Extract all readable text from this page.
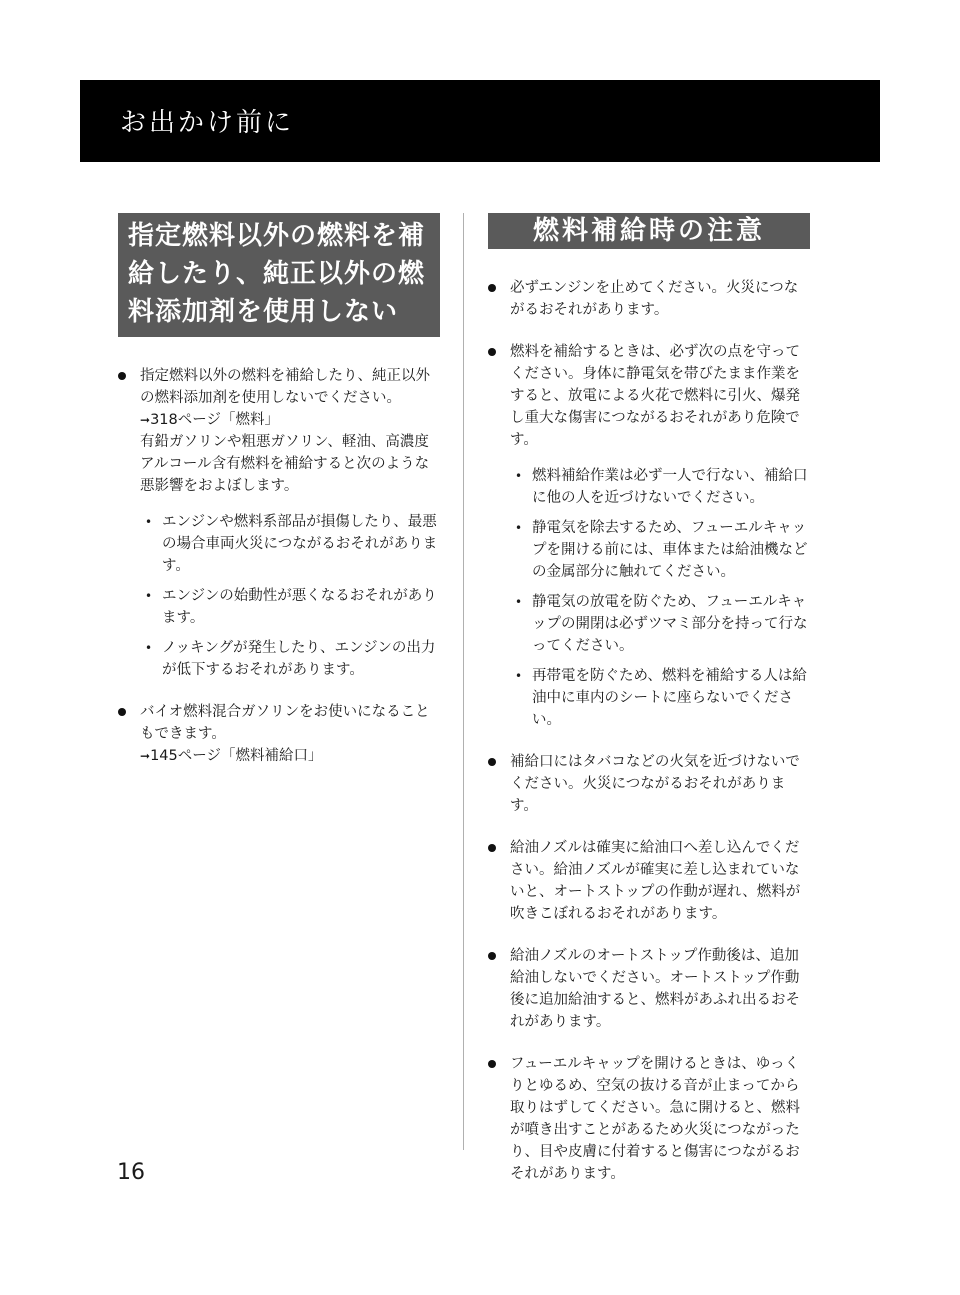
お出かけ前に
指定燃料以外の燃料を補
給したり、純正以外の燃
料添加剤を使用しない

指定燃料以外の燃料を補給したり、純正以外の燃料添加剤を使用しないでください。

➞318ページ「燃料」

有鉛ガソリンや粗悪ガソリン、軽油、高濃度アルコール含有燃料を補給すると次のような悪影響をおよぼします。

• エンジンや燃料系部品が損傷したり、最悪の場合車両火災につながるおそれがあります。
• エンジンの始動性が悪くなるおそれがあります。
• ノッキングが発生したり、エンジンの出力が低下するおそれがあります。

バイオ燃料混合ガソリンをお使いになることもできます。

➞145ページ「燃料補給口」

燃料補給時の注意

必ずエンジンを止めてください。火災につながるおそれがあります。

燃料を補給するときは、必ず次の点を守ってください。身体に静電気を帯びたまま作業をすると、放電による火花で燃料に引火、爆発し重大な傷害につながるおそれがあり危険です。

• 燃料補給作業は必ず一人で行ない、補給口に他の人を近づけないでください。
• 静電気を除去するため、フューエルキャップを開ける前には、車体または給油機などの金属部分に触れてください。
• 静電気の放電を防ぐため、フューエルキャップの開閉は必ずツマミ部分を持って行なってください。
• 再帯電を防ぐため、燃料を補給する人は給油中に車内のシートに座らないでください。

補給口にはタバコなどの火気を近づけないでください。火災につながるおそれがあります。

給油ノズルは確実に給油口へ差し込んでください。給油ノズルが確実に差し込まれていないと、オートストップの作動が遅れ、燃料が吹きこぼれるおそれがあります。

給油ノズルのオートストップ作動後は、追加給油しないでください。オートストップ作動後に追加給油すると、燃料があふれ出るおそれがあります。

フューエルキャップを開けるときは、ゆっくりとゆるめ、空気の抜ける音が止まってから取りはずしてください。急に開けると、燃料が噴き出すことがあるため火災につながったり、目や皮膚に付着すると傷害につながるおそれがあります。

16
